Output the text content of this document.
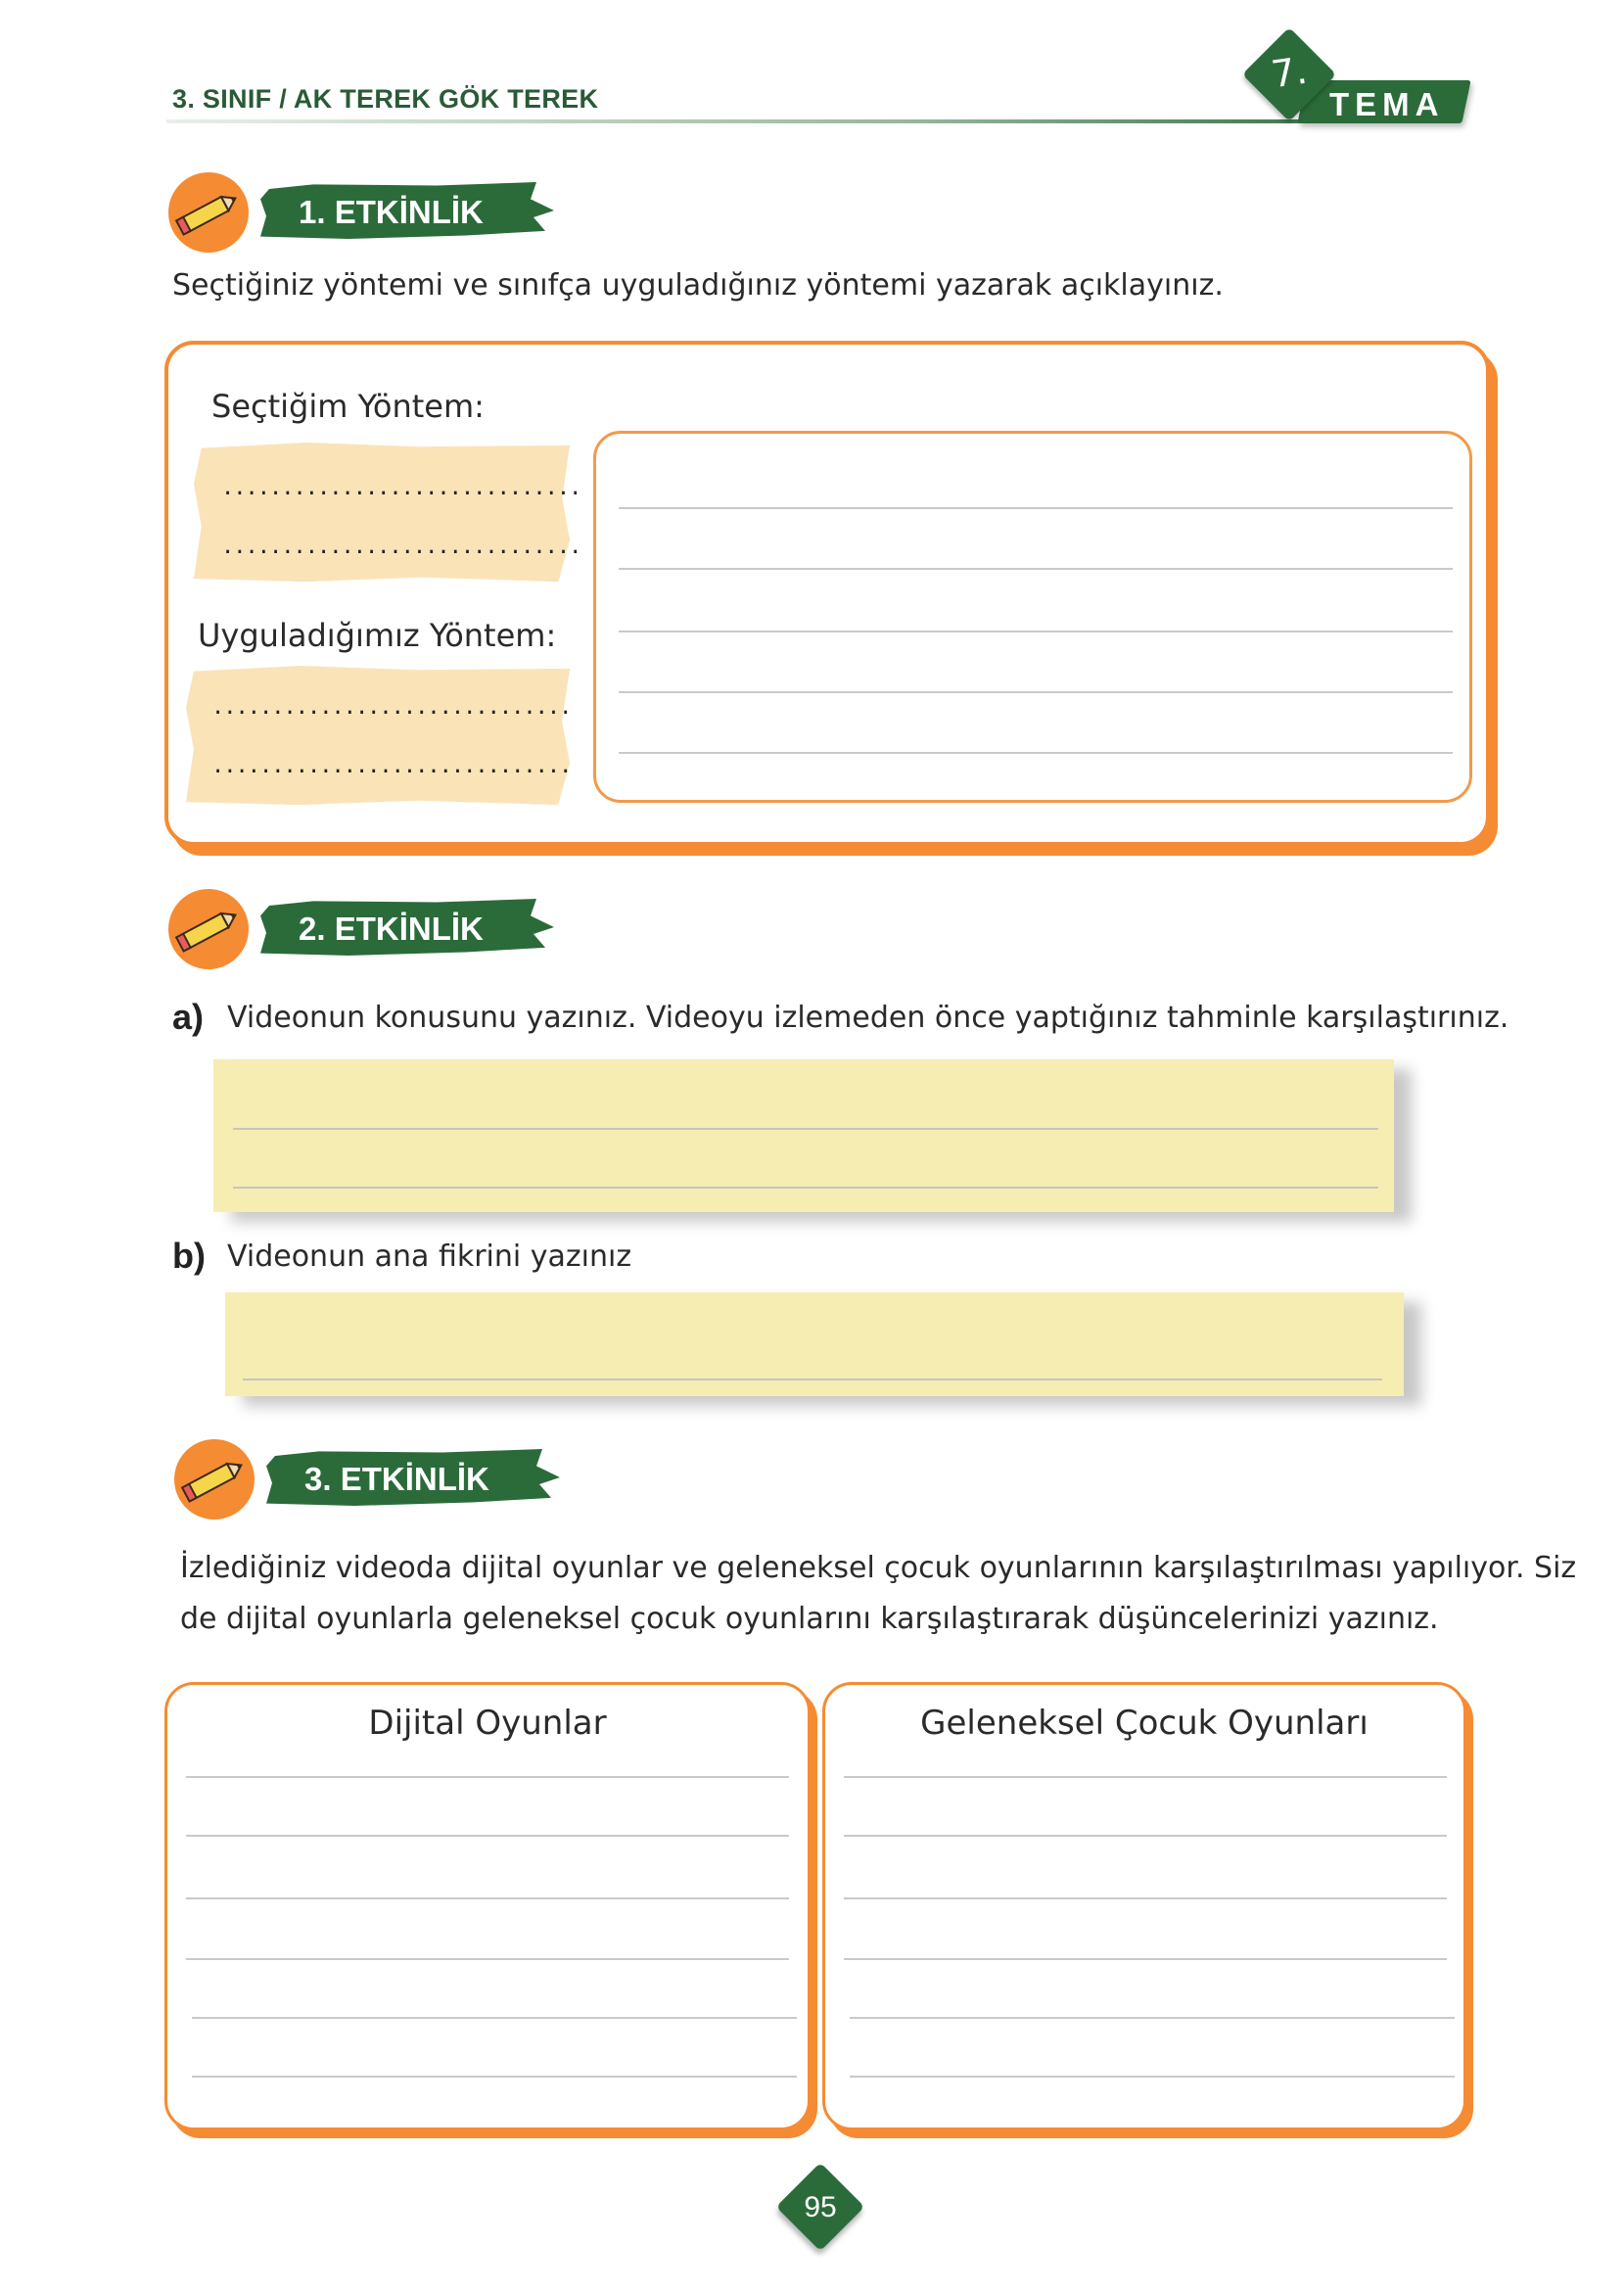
3. SINIF / AK TEREK GÖK TEREK	TEMA
7.
1. ETKİNLİK
Seçtiğiniz yöntemi ve sınıfça uyguladığınız yöntemi yazarak açıklayınız.
Seçtiğim Yöntem:
..............................
..............................
Uyguladığımız Yöntem:
..............................
..............................
2. ETKİNLİK
a) Videonun konusunu yazınız. Videoyu izlemeden önce yaptığınız tahminle karşılaştırınız.
b) Videonun ana fikrini yazınız
3. ETKİNLİK
İzlediğiniz videoda dijital oyunlar ve geleneksel çocuk oyunlarının karşılaştırılması yapılıyor. Siz
de dijital oyunlarla geleneksel çocuk oyunlarını karşılaştırarak düşüncelerinizi yazınız.
Dijital Oyunlar	Geleneksel Çocuk Oyunları
95
